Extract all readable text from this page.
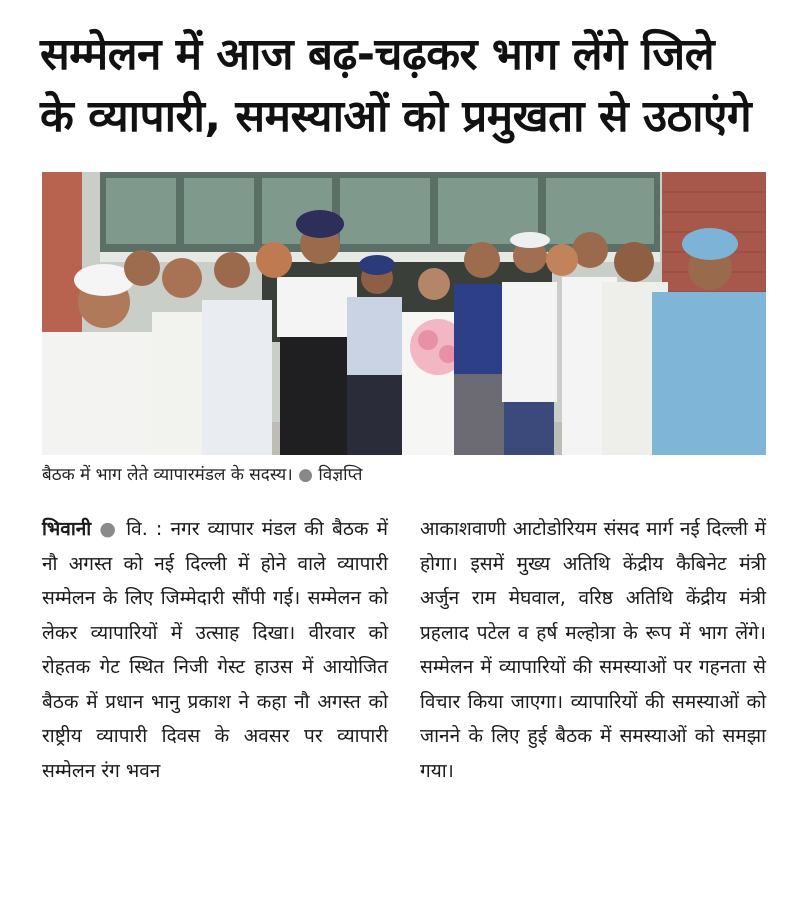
सम्मेलन में आज बढ़-चढ़कर भाग लेंगे जिले
के व्यापारी, समस्याओं को प्रमुखता से उठाएंगे
बैठक में भाग लेते व्यापारमंडल के सदस्य। ● विज्ञप्ति
भिवानी ● वि. : नगर व्यापार मंडल की बैठक में नौ अगस्त को नई दिल्ली में होने वाले व्यापारी सम्मेलन के लिए जिम्मेदारी सौंपी गई। सम्मेलन को लेकर व्यापारियों में उत्साह दिखा। वीरवार को रोहतक गेट स्थित निजी गेस्ट हाउस में आयोजित बैठक में प्रधान भानु प्रकाश ने कहा नौ अगस्त को राष्ट्रीय व्यापारी दिवस के अवसर पर व्यापारी सम्मेलन रंग भवन
आकाशवाणी आटोडोरियम संसद मार्ग नई दिल्ली में होगा। इसमें मुख्य अतिथि केंद्रीय कैबिनेट मंत्री अर्जुन राम मेघवाल, वरिष्ठ अतिथि केंद्रीय मंत्री प्रहलाद पटेल व हर्ष मल्होत्रा के रूप में भाग लेंगे। सम्मेलन में व्यापारियों की समस्याओं पर गहनता से विचार किया जाएगा। व्यापारियों की समस्याओं को जानने के लिए हुई बैठक में समस्याओं को समझा गया।
